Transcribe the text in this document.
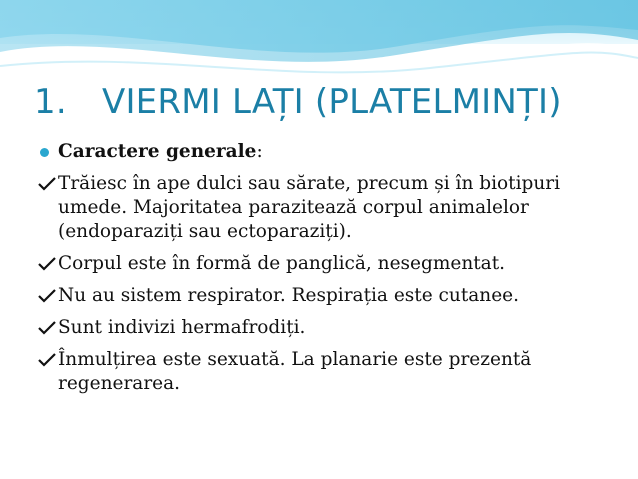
1. VIERMI LAȚI (PLATELMINȚI)
Caractere generale:
Trăiesc în ape dulci sau sărate, precum și în biotipuri umede. Majoritatea parazitează corpul animalelor (endoparaziți sau ectoparaziți).
Corpul este în formă de panglică, nesegmentat.
Nu au sistem respirator. Respirația este cutanee.
Sunt indivizi hermafrodiți.
Înmulțirea este sexuată. La planarie este prezentă regenerarea.
